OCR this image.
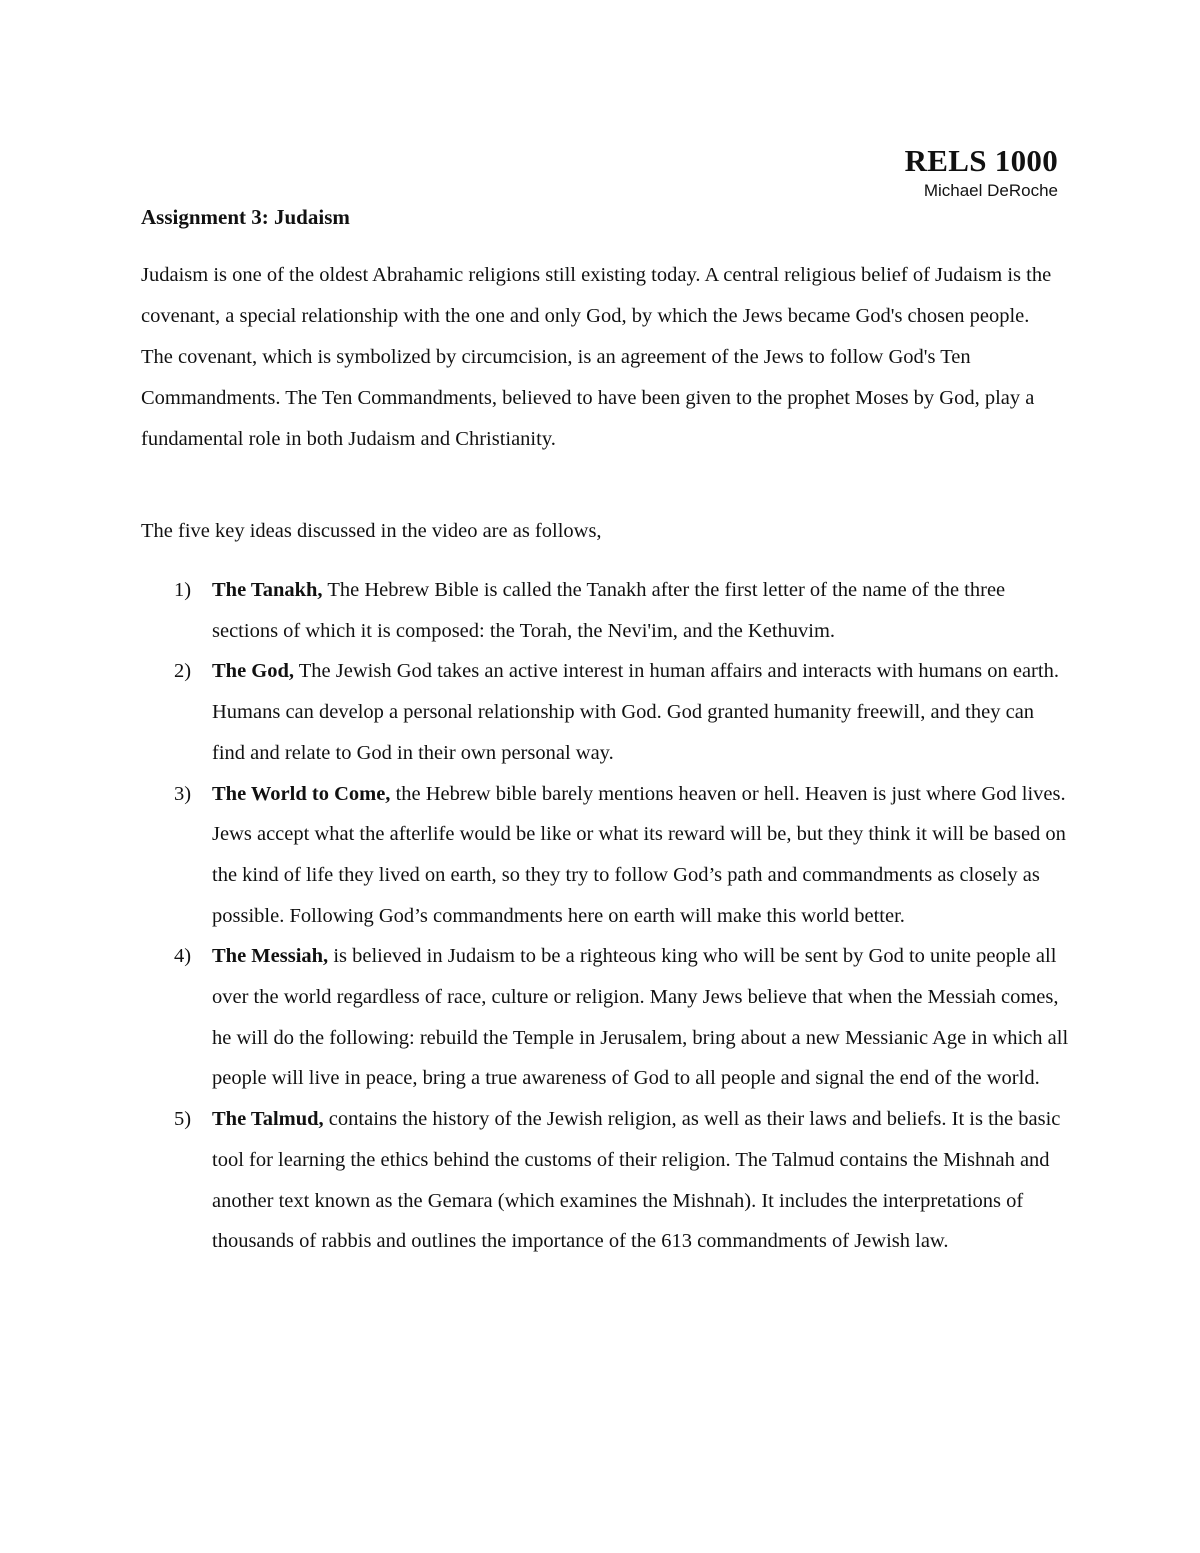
RELS 1000
Michael DeRoche
Assignment 3: Judaism

Judaism is one of the oldest Abrahamic religions still existing today. A central religious belief of Judaism is the covenant, a special relationship with the one and only God, by which the Jews became God's chosen people. The covenant, which is symbolized by circumcision, is an agreement of the Jews to follow God's Ten Commandments. The Ten Commandments, believed to have been given to the prophet Moses by God, play a fundamental role in both Judaism and Christianity.

The five key ideas discussed in the video are as follows,

1) The Tanakh, The Hebrew Bible is called the Tanakh after the first letter of the name of the three sections of which it is composed: the Torah, the Nevi'im, and the Kethuvim.
2) The God, The Jewish God takes an active interest in human affairs and interacts with humans on earth. Humans can develop a personal relationship with God. God granted humanity freewill, and they can find and relate to God in their own personal way.
3) The World to Come, the Hebrew bible barely mentions heaven or hell. Heaven is just where God lives. Jews accept what the afterlife would be like or what its reward will be, but they think it will be based on the kind of life they lived on earth, so they try to follow God’s path and commandments as closely as possible. Following God’s commandments here on earth will make this world better.
4) The Messiah, is believed in Judaism to be a righteous king who will be sent by God to unite people all over the world regardless of race, culture or religion. Many Jews believe that when the Messiah comes, he will do the following: rebuild the Temple in Jerusalem, bring about a new Messianic Age in which all people will live in peace, bring a true awareness of God to all people and signal the end of the world.
5) The Talmud, contains the history of the Jewish religion, as well as their laws and beliefs. It is the basic tool for learning the ethics behind the customs of their religion. The Talmud contains the Mishnah and another text known as the Gemara (which examines the Mishnah). It includes the interpretations of thousands of rabbis and outlines the importance of the 613 commandments of Jewish law.
